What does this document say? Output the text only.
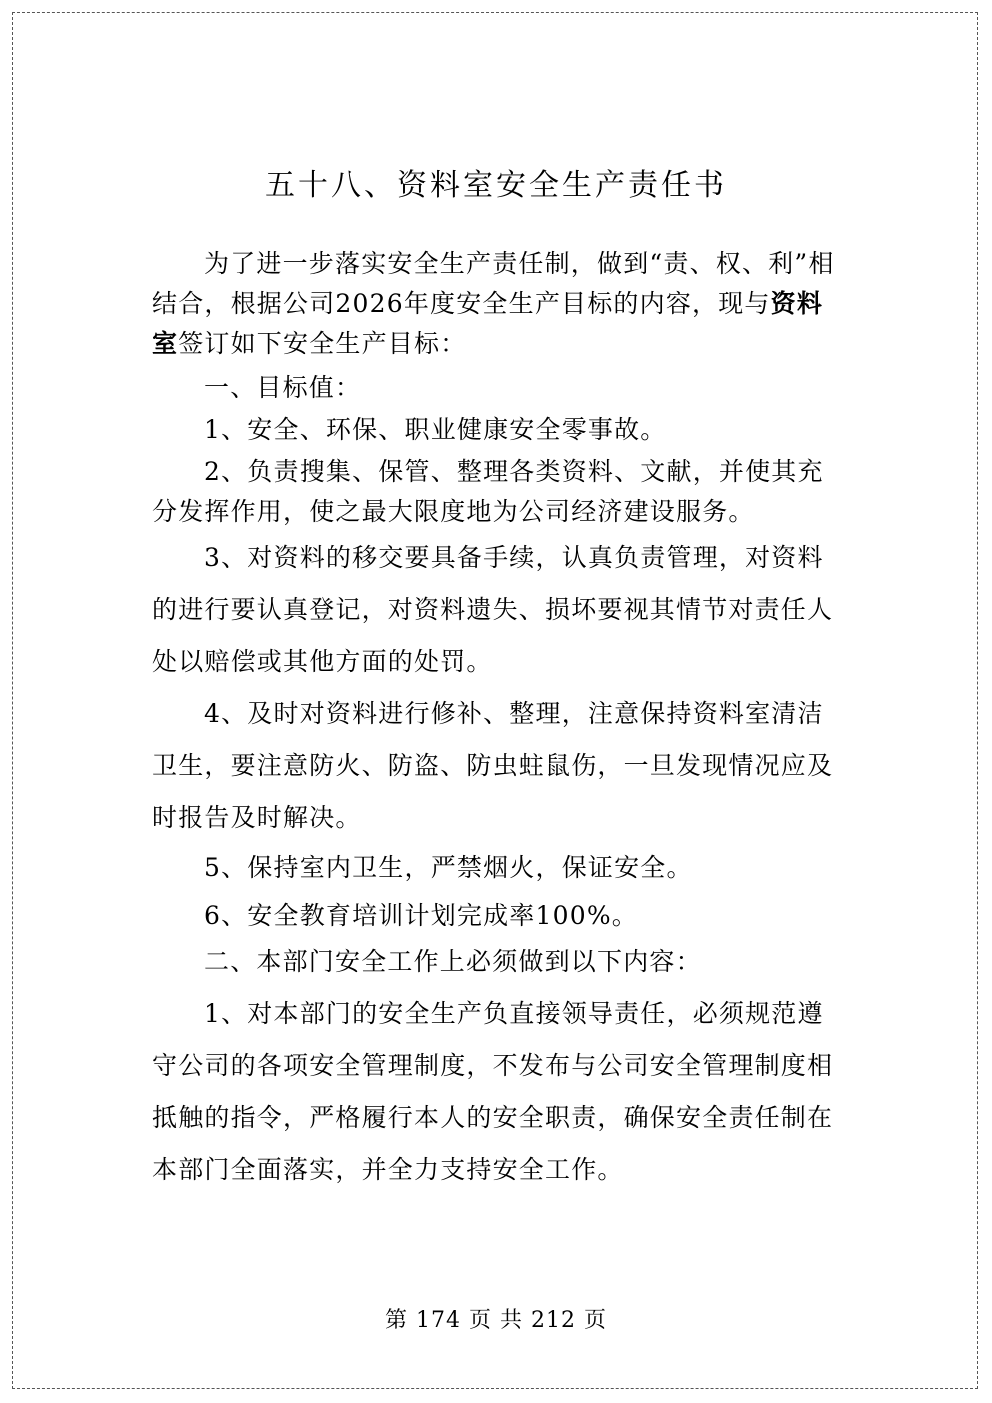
五十八、资料室安全生产责任书

为了进一步落实安全生产责任制，做到“责、权、利”相结合，根据公司2026年度安全生产目标的内容，现与资料室签订如下安全生产目标：

一、目标值：

1、安全、环保、职业健康安全零事故。

2、负责搜集、保管、整理各类资料、文献，并使其充分发挥作用，使之最大限度地为公司经济建设服务。

3、对资料的移交要具备手续，认真负责管理，对资料的进行要认真登记，对资料遗失、损坏要视其情节对责任人处以赔偿或其他方面的处罚。

4、及时对资料进行修补、整理，注意保持资料室清洁卫生，要注意防火、防盗、防虫蛀鼠伤，一旦发现情况应及时报告及时解决。

5、保持室内卫生，严禁烟火，保证安全。

6、安全教育培训计划完成率100%。

二、本部门安全工作上必须做到以下内容：

1、对本部门的安全生产负直接领导责任，必须规范遵守公司的各项安全管理制度，不发布与公司安全管理制度相抵触的指令，严格履行本人的安全职责，确保安全责任制在本部门全面落实，并全力支持安全工作。

第 174 页 共 212 页
